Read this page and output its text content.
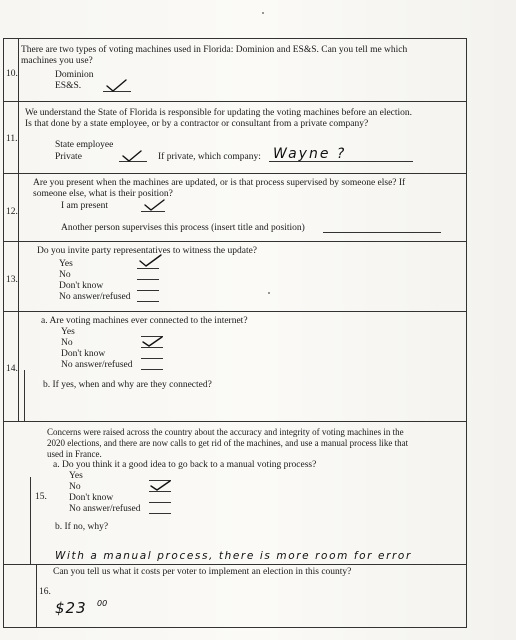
10.
There are two types of voting machines used in Florida: Dominion and ES&S. Can you tell me which
machines you use?
Dominion
ES&S.
11.
We understand the State of Florida is responsible for updating the voting machines before an election.
Is that done by a state employee, or by a contractor or consultant from a private company?
State employee
Private	If private, which company: Wayne ?
12.
Are you present when the machines are updated, or is that process supervised by someone else? If
someone else, what is their position?
I am present
Another person supervises this process (insert title and position)
13.
Do you invite party representatives to witness the update?
Yes
No
Don't know
No answer/refused
14.
a. Are voting machines ever connected to the internet?
Yes
No
Don't know
No answer/refused
b. If yes, when and why are they connected?
15.
Concerns were raised across the country about the accuracy and integrity of voting machines in the
2020 elections, and there are now calls to get rid of the machines, and use a manual process like that
used in France.
a. Do you think it a good idea to go back to a manual voting process?
Yes
No
Don't know
No answer/refused
b. If no, why?
With a manual process, there is more room for error
16.
Can you tell us what it costs per voter to implement an election in this county?
$23 00
